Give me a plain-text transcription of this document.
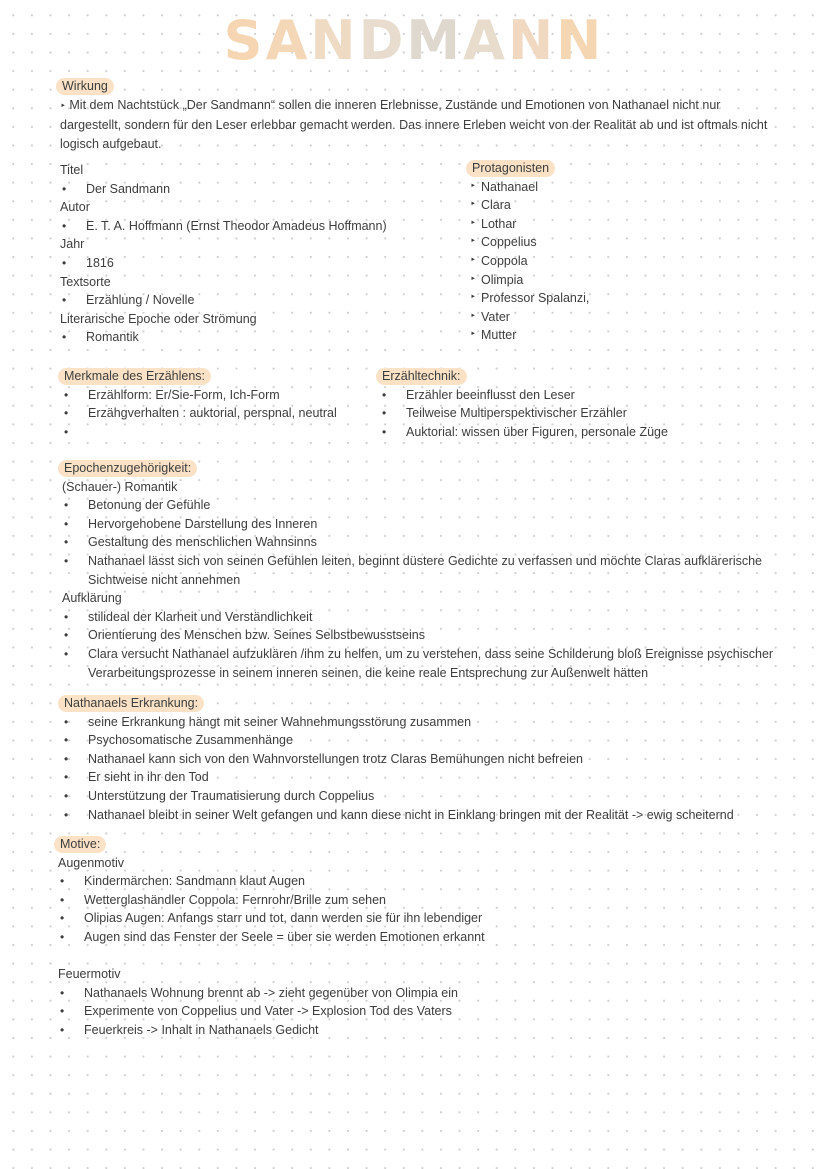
SANDMANN
Wirkung

‣ Mit dem Nachtstück „Der Sandmann“ sollen die inneren Erlebnisse, Zustände und Emotionen von Nathanael nicht nur dargestellt, sondern für den Leser erlebbar gemacht werden. Das innere Erleben weicht von der Realität ab und ist oftmals nicht logisch aufgebaut.

Titel
• Der Sandmann
Autor
• E. T. A. Hoffmann (Ernst Theodor Amadeus Hoffmann)
Jahr
• 1816
Textsorte
• Erzählung / Novelle
Literarische Epoche oder Strömung
• Romantik
Protagonisten
‣ Nathanael
‣ Clara
‣ Lothar
‣ Coppelius
‣ Coppola
‣ Olimpia
‣ Professor Spalanzi,
‣ Vater
‣ Mutter
Merkmale des Erzählens:
• Erzählform: Er/Sie-Form, Ich-Form
• Erzähgverhalten : auktorial, perspnal, neutral
•
Erzähltechnik:
• Erzähler beeinflusst den Leser
• Teilweise Multiperspektivischer Erzähler
• Auktorial: wissen über Figuren, personale Züge
Epochenzugehörigkeit:
(Schauer-) Romantik
• Betonung der Gefühle
• Hervorgehobene Darstellung des Inneren
• Gestaltung des menschlichen Wahnsinns
• Nathanael lässt sich von seinen Gefühlen leiten, beginnt düstere Gedichte zu verfassen und möchte Claras aufklärerische Sichtweise nicht annehmen
Aufklärung
• stilideal der Klarheit und Verständlichkeit
• Orientierung des Menschen bzw. Seines Selbstbewusstseins
• Clara versucht Nathanael aufzuklären /ihm zu helfen, um zu verstehen, dass seine Schilderung bloß Ereignisse psychischer Verarbeitungsprozesse in seinem inneren seinen, die keine reale Entsprechung zur Außenwelt hätten
Nathanaels Erkrankung:
• seine Erkrankung hängt mit seiner Wahnehmungsstörung zusammen
• Psychosomatische Zusammenhänge
• Nathanael kann sich von den Wahnvorstellungen trotz Claras Bemühungen nicht befreien
• Er sieht in ihr den Tod
• Unterstützung der Traumatisierung durch Coppelius
• Nathanael bleibt in seiner Welt gefangen und kann diese nicht in Einklang bringen mit der Realität -> ewig scheiternd
Motive:
Augenmotiv
• Kindermärchen: Sandmann klaut Augen
• Wetterglashändler Coppola: Fernrohr/Brille zum sehen
• Olipias Augen: Anfangs starr und tot, dann werden sie für ihn lebendiger
• Augen sind das Fenster der Seele = über sie werden Emotionen erkannt
Feuermotiv
• Nathanaels Wohnung brennt ab -> zieht gegenüber von Olimpia ein
• Experimente von Coppelius und Vater -> Explosion Tod des Vaters
• Feuerkreis -> Inhalt in Nathanaels Gedicht
